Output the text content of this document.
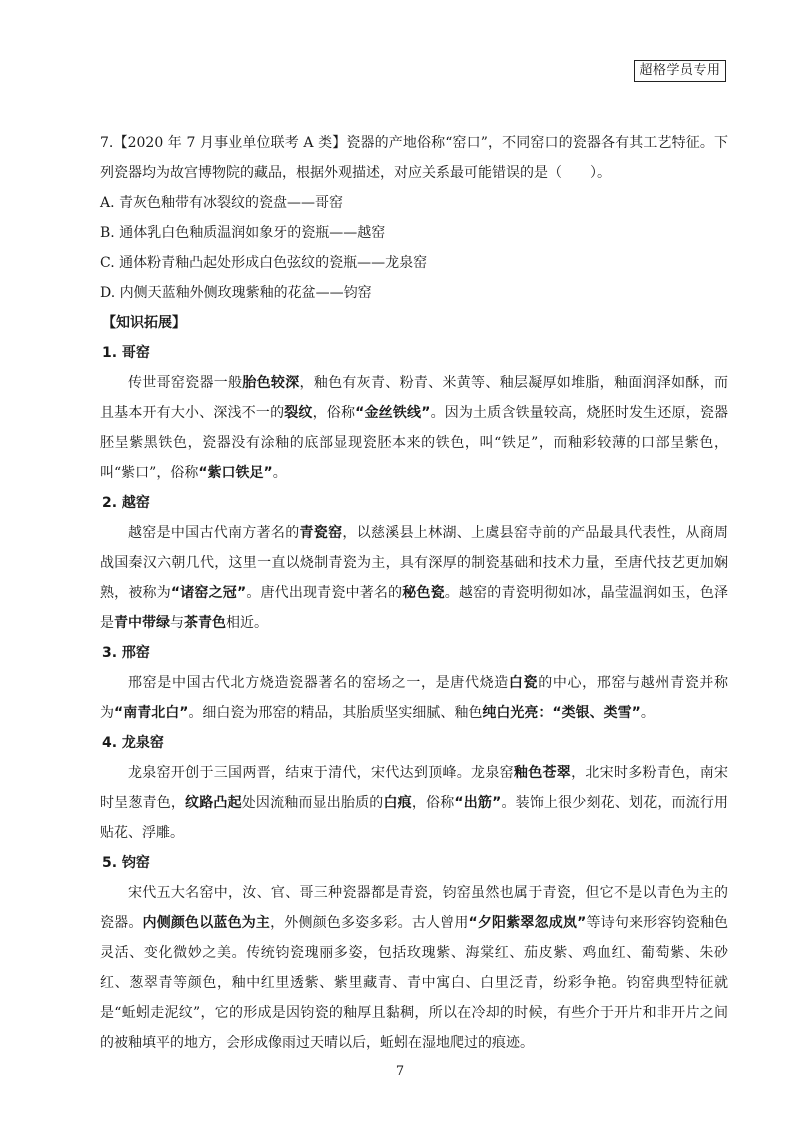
超格学员专用

7.【2020 年 7 月事业单位联考 A 类】瓷器的产地俗称“窑口”，不同窑口的瓷器各有其工艺特征。下列瓷器均为故宫博物院的藏品，根据外观描述，对应关系最可能错误的是（　　）。

A. 青灰色釉带有冰裂纹的瓷盘——哥窑

B. 通体乳白色釉质温润如象牙的瓷瓶——越窑

C. 通体粉青釉凸起处形成白色弦纹的瓷瓶——龙泉窑

D. 内侧天蓝釉外侧玫瑰紫釉的花盆——钧窑

【知识拓展】
1. 哥窑

传世哥窑瓷器一般胎色较深，釉色有灰青、粉青、米黄等、釉层凝厚如堆脂，釉面润泽如酥，而且基本开有大小、深浅不一的裂纹，俗称“金丝铁线”。因为土质含铁量较高，烧胚时发生还原，瓷器胚呈紫黑铁色，瓷器没有涂釉的底部显现瓷胚本来的铁色，叫“铁足”，而釉彩较薄的口部呈紫色，叫“紫口”，俗称“紫口铁足”。

2. 越窑

越窑是中国古代南方著名的青瓷窑，以慈溪县上林湖、上虞县窑寺前的产品最具代表性，从商周战国秦汉六朝几代，这里一直以烧制青瓷为主，具有深厚的制瓷基础和技术力量，至唐代技艺更加娴熟，被称为“诸窑之冠”。唐代出现青瓷中著名的秘色瓷。越窑的青瓷明彻如冰，晶莹温润如玉，色泽是青中带绿与茶青色相近。

3. 邢窑

邢窑是中国古代北方烧造瓷器著名的窑场之一，是唐代烧造白瓷的中心，邢窑与越州青瓷并称为“南青北白”。细白瓷为邢窑的精品，其胎质坚实细腻、釉色纯白光亮：“类银、类雪”。

4. 龙泉窑

龙泉窑开创于三国两晋，结束于清代，宋代达到顶峰。龙泉窑釉色苍翠，北宋时多粉青色，南宋时呈葱青色，纹路凸起处因流釉而显出胎质的白痕，俗称“出筋”。装饰上很少刻花、划花，而流行用贴花、浮雕。

5. 钧窑

宋代五大名窑中，汝、官、哥三种瓷器都是青瓷，钧窑虽然也属于青瓷，但它不是以青色为主的瓷器。内侧颜色以蓝色为主，外侧颜色多姿多彩。古人曾用“夕阳紫翠忽成岚”等诗句来形容钧瓷釉色灵活、变化微妙之美。传统钧瓷瑰丽多姿，包括玫瑰紫、海棠红、茄皮紫、鸡血红、葡萄紫、朱砂红、葱翠青等颜色，釉中红里透紫、紫里藏青、青中寓白、白里泛青，纷彩争艳。钧窑典型特征就是“蚯蚓走泥纹”，它的形成是因钧瓷的釉厚且黏稠，所以在冷却的时候，有些介于开片和非开片之间的被釉填平的地方，会形成像雨过天晴以后，蚯蚓在湿地爬过的痕迹。

7
